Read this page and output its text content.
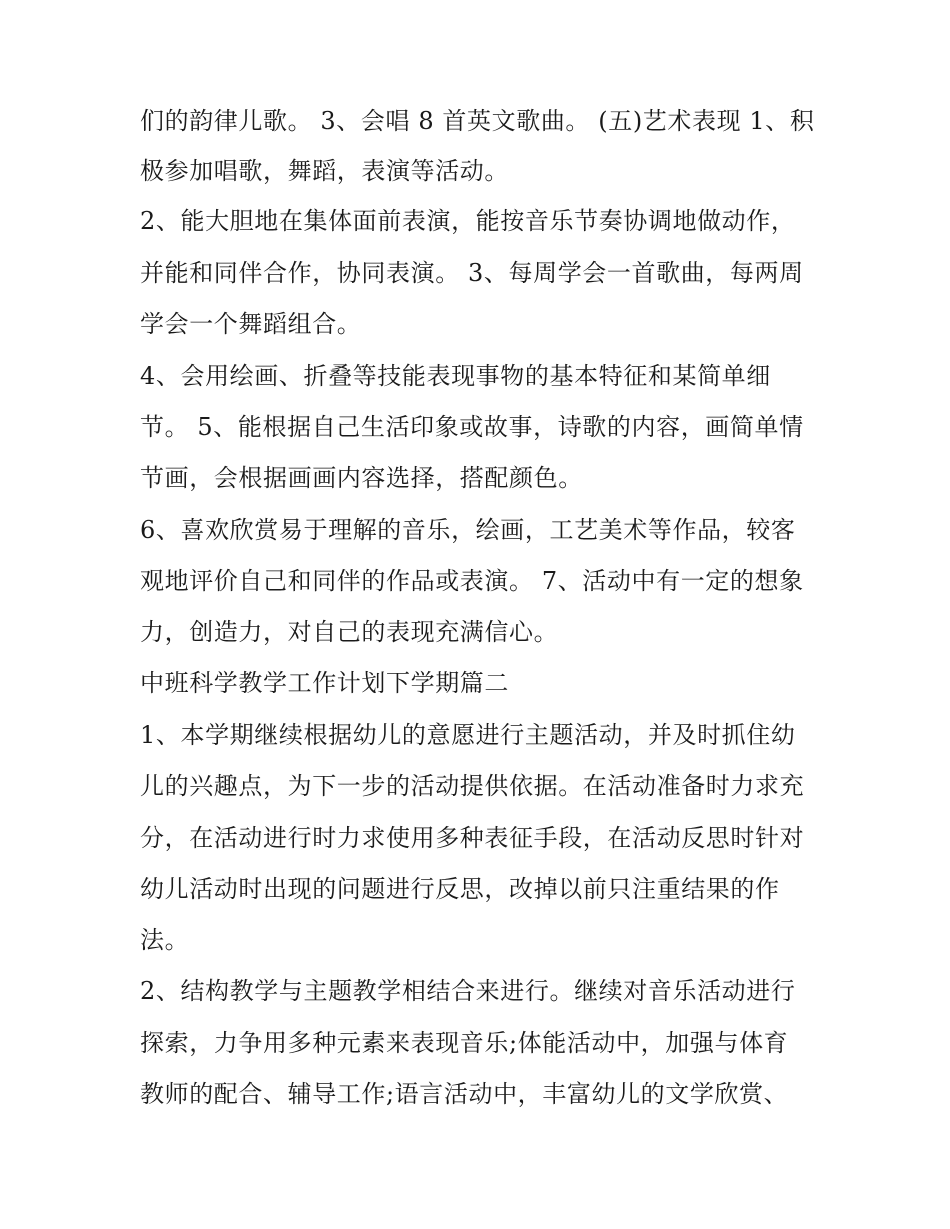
们的韵律儿歌。 3、会唱 8 首英文歌曲。 (五)艺术表现 1、积
极参加唱歌，舞蹈，表演等活动。
2、能大胆地在集体面前表演，能按音乐节奏协调地做动作，
并能和同伴合作，协同表演。 3、每周学会一首歌曲，每两周
学会一个舞蹈组合。
4、会用绘画、折叠等技能表现事物的基本特征和某简单细
节。 5、能根据自己生活印象或故事，诗歌的内容，画简单情
节画，会根据画画内容选择，搭配颜色。
6、喜欢欣赏易于理解的音乐，绘画，工艺美术等作品，较客
观地评价自己和同伴的作品或表演。 7、活动中有一定的想象
力，创造力，对自己的表现充满信心。
中班科学教学工作计划下学期篇二
1、本学期继续根据幼儿的意愿进行主题活动，并及时抓住幼
儿的兴趣点，为下一步的活动提供依据。在活动准备时力求充
分，在活动进行时力求使用多种表征手段，在活动反思时针对
幼儿活动时出现的问题进行反思，改掉以前只注重结果的作
法。
2、结构教学与主题教学相结合来进行。继续对音乐活动进行
探索，力争用多种元素来表现音乐;体能活动中，加强与体育
教师的配合、辅导工作;语言活动中，丰富幼儿的文学欣赏、
